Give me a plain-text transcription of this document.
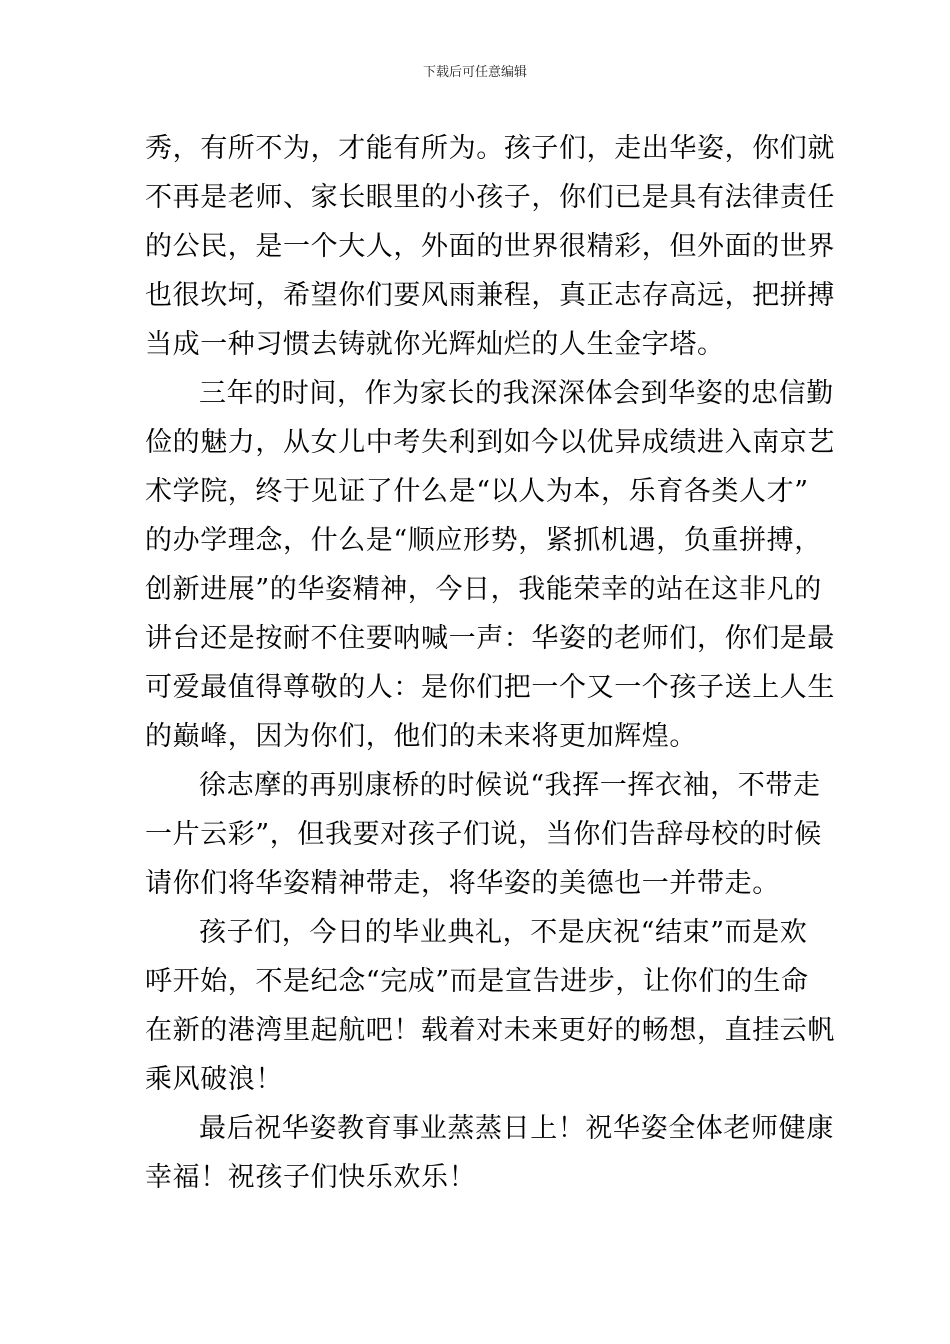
下载后可任意编辑
秀，有所不为，才能有所为。孩子们，走出华姿，你们就
不再是老师、家长眼里的小孩子，你们已是具有法律责任
的公民，是一个大人，外面的世界很精彩，但外面的世界
也很坎坷，希望你们要风雨兼程，真正志存高远，把拼搏
当成一种习惯去铸就你光辉灿烂的人生金字塔。
三年的时间，作为家长的我深深体会到华姿的忠信勤
俭的魅力，从女儿中考失利到如今以优异成绩进入南京艺
术学院，终于见证了什么是“以人为本，乐育各类人才”
的办学理念，什么是“顺应形势，紧抓机遇，负重拼搏，
创新进展”的华姿精神，今日，我能荣幸的站在这非凡的
讲台还是按耐不住要呐喊一声：华姿的老师们，你们是最
可爱最值得尊敬的人：是你们把一个又一个孩子送上人生
的巅峰，因为你们，他们的未来将更加辉煌。
徐志摩的再别康桥的时候说“我挥一挥衣袖，不带走
一片云彩”，但我要对孩子们说，当你们告辞母校的时候
请你们将华姿精神带走，将华姿的美德也一并带走。
孩子们，今日的毕业典礼，不是庆祝“结束”而是欢
呼开始，不是纪念“完成”而是宣告进步，让你们的生命
在新的港湾里起航吧！载着对未来更好的畅想，直挂云帆
乘风破浪！
最后祝华姿教育事业蒸蒸日上！祝华姿全体老师健康
幸福！祝孩子们快乐欢乐！
